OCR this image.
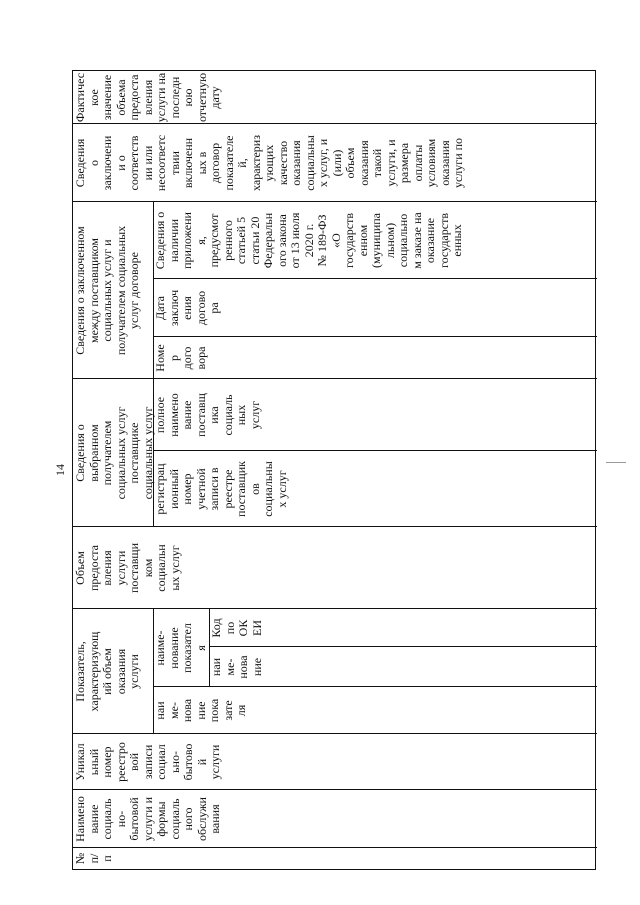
14
№
п/
п
Наимено
вание
социаль
но-
бытовой
услуги и
формы
социаль
ного
обслужи
вания
Уникал
ьный
номер
реестро
вой
записи
социал
ьно-
бытово
й
услуги
Показатель,
характеризующ
ий объем
оказания
услуги
наи
ме-
нова
ние
пока
зате
ля
наиме-
нование
показател
я
наи
ме-
нова
ние
Код
по
ОК
ЕИ
Объем
предоста
вления
услуги
поставщи
ком
социальн
ых услуг
Сведения о
выбранном
получателем
социальных услуг
поставщике
социальных услуг
регистрац
ионный
номер
учетной
записи в
реестре
поставщик
ов
социальны
х услуг
полное
наимено
вание
поставщ
ика
социаль
ных
услуг
Сведения о заключенном
между поставщиком
социальных услуг и
получателем социальных
услуг договоре
Номе
р
дого
вора
Дата
заключ
ения
догово
ра
Сведения о
наличии
приложени
я,
предусмот
ренного
статьей 5
статьи 20
Федеральн
ого закона
от 13 июля
2020 г.
№ 189-ФЗ
«О
государств
енном
(муниципа
льном)
социально
м заказе на
оказание
государств
енных
Сведения
о
заключени
и о
соответств
ии или
несоответс
твии
включенн
ых в
договор
показателе
й,
характериз
ующих
качество
оказания
социальны
х услуг, и
(или)
объем
оказания
такой
услуги, и
размера
оплаты
условиям
оказания
услуги по
Фактичес
кое
значение
объема
предоста
вления
услуги на
последн
юю
отчетную
дату
